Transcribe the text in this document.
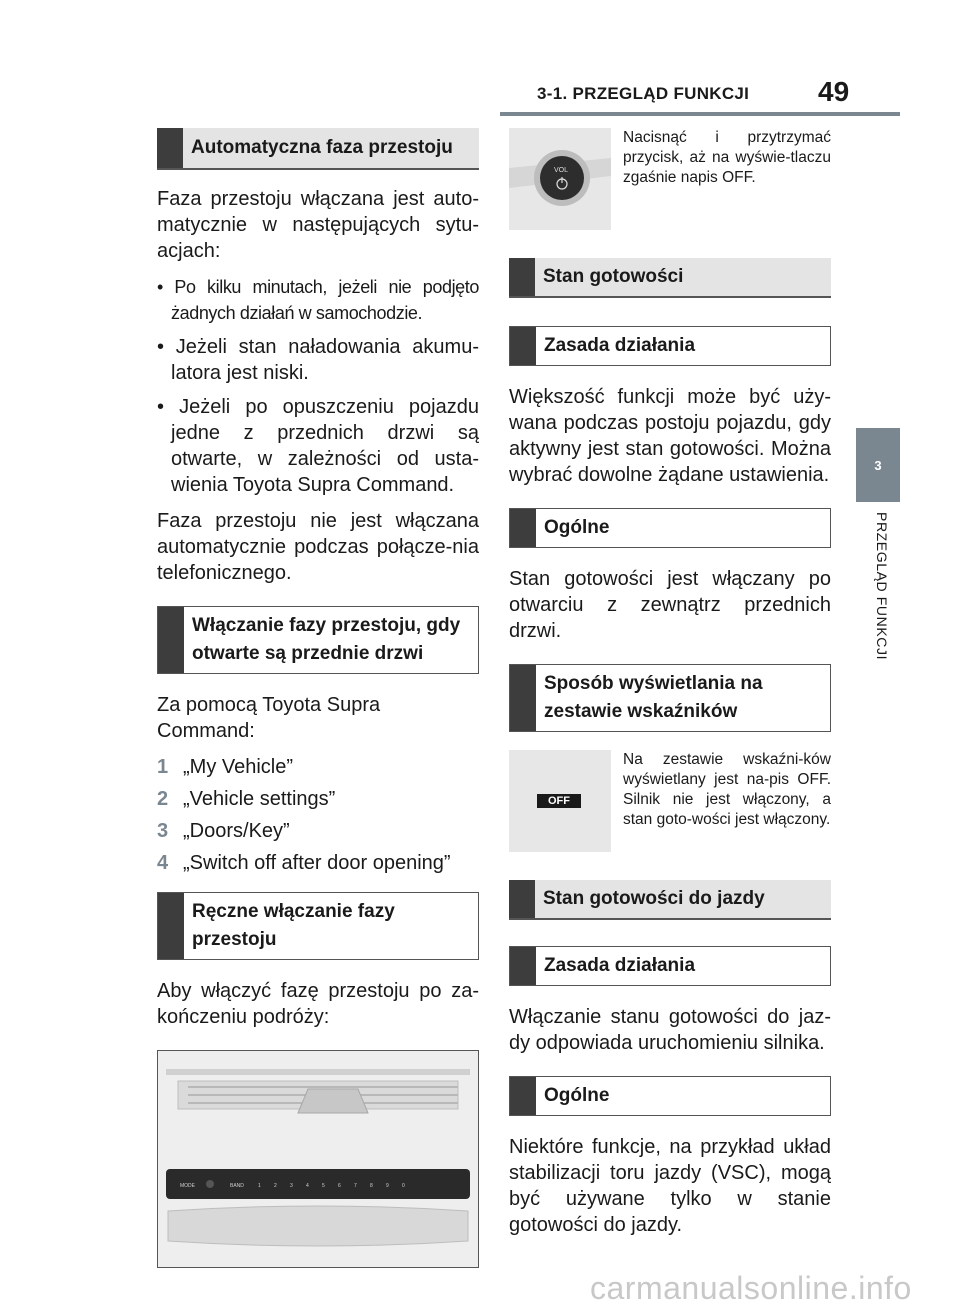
3-1. PRZEGLĄD FUNKCJI 49
3
PRZEGLĄD FUNKCJI
Automatyczna faza przestoju

Faza przestoju włączana jest auto-matycznie w następujących sytu-acjach:

• Po kilku minutach, jeżeli nie podjęto żadnych działań w samochodzie.
• Jeżeli stan naładowania akumu-latora jest niski.
• Jeżeli po opuszczeniu pojazdu jedne z przednich drzwi są otwarte, w zależności od usta-wienia Toyota Supra Command.

Faza przestoju nie jest włączana automatycznie podczas połącze-nia telefonicznego.

Włączanie fazy przestoju, gdy otwarte są przednie drzwi

Za pomocą Toyota Supra Command:

1 „My Vehicle”
2 „Vehicle settings”
3 „Doors/Key”
4 „Switch off after door opening”
Ręczne włączanie fazy przestoju

Aby włączyć fazę przestoju po za-kończeniu podróży:

MODE	BAND	1	2	3	4	5	6	7	8	9	0
VOL
Nacisnąć i przytrzymać przycisk, aż na wyświe-tlaczu zgaśnie napis OFF.
Stan gotowości
Zasada działania

Większość funkcji może być uży-wana podczas postoju pojazdu, gdy aktywny jest stan gotowości. Można wybrać dowolne żądane ustawienia.

Ogólne

Stan gotowości jest włączany po otwarciu z zewnątrz przednich drzwi.

Sposób wyświetlania na zestawie wskaźników
OFF
Na zestawie wskaźni-ków wyświetlany jest na-pis OFF. Silnik nie jest włączony, a stan goto-wości jest włączony.
Stan gotowości do jazdy
Zasada działania

Włączanie stanu gotowości do jaz-dy odpowiada uruchomieniu silnika.

Ogólne

Niektóre funkcje, na przykład układ stabilizacji toru jazdy (VSC), mogą być używane tylko w stanie gotowości do jazdy.

carmanualsonline.info
